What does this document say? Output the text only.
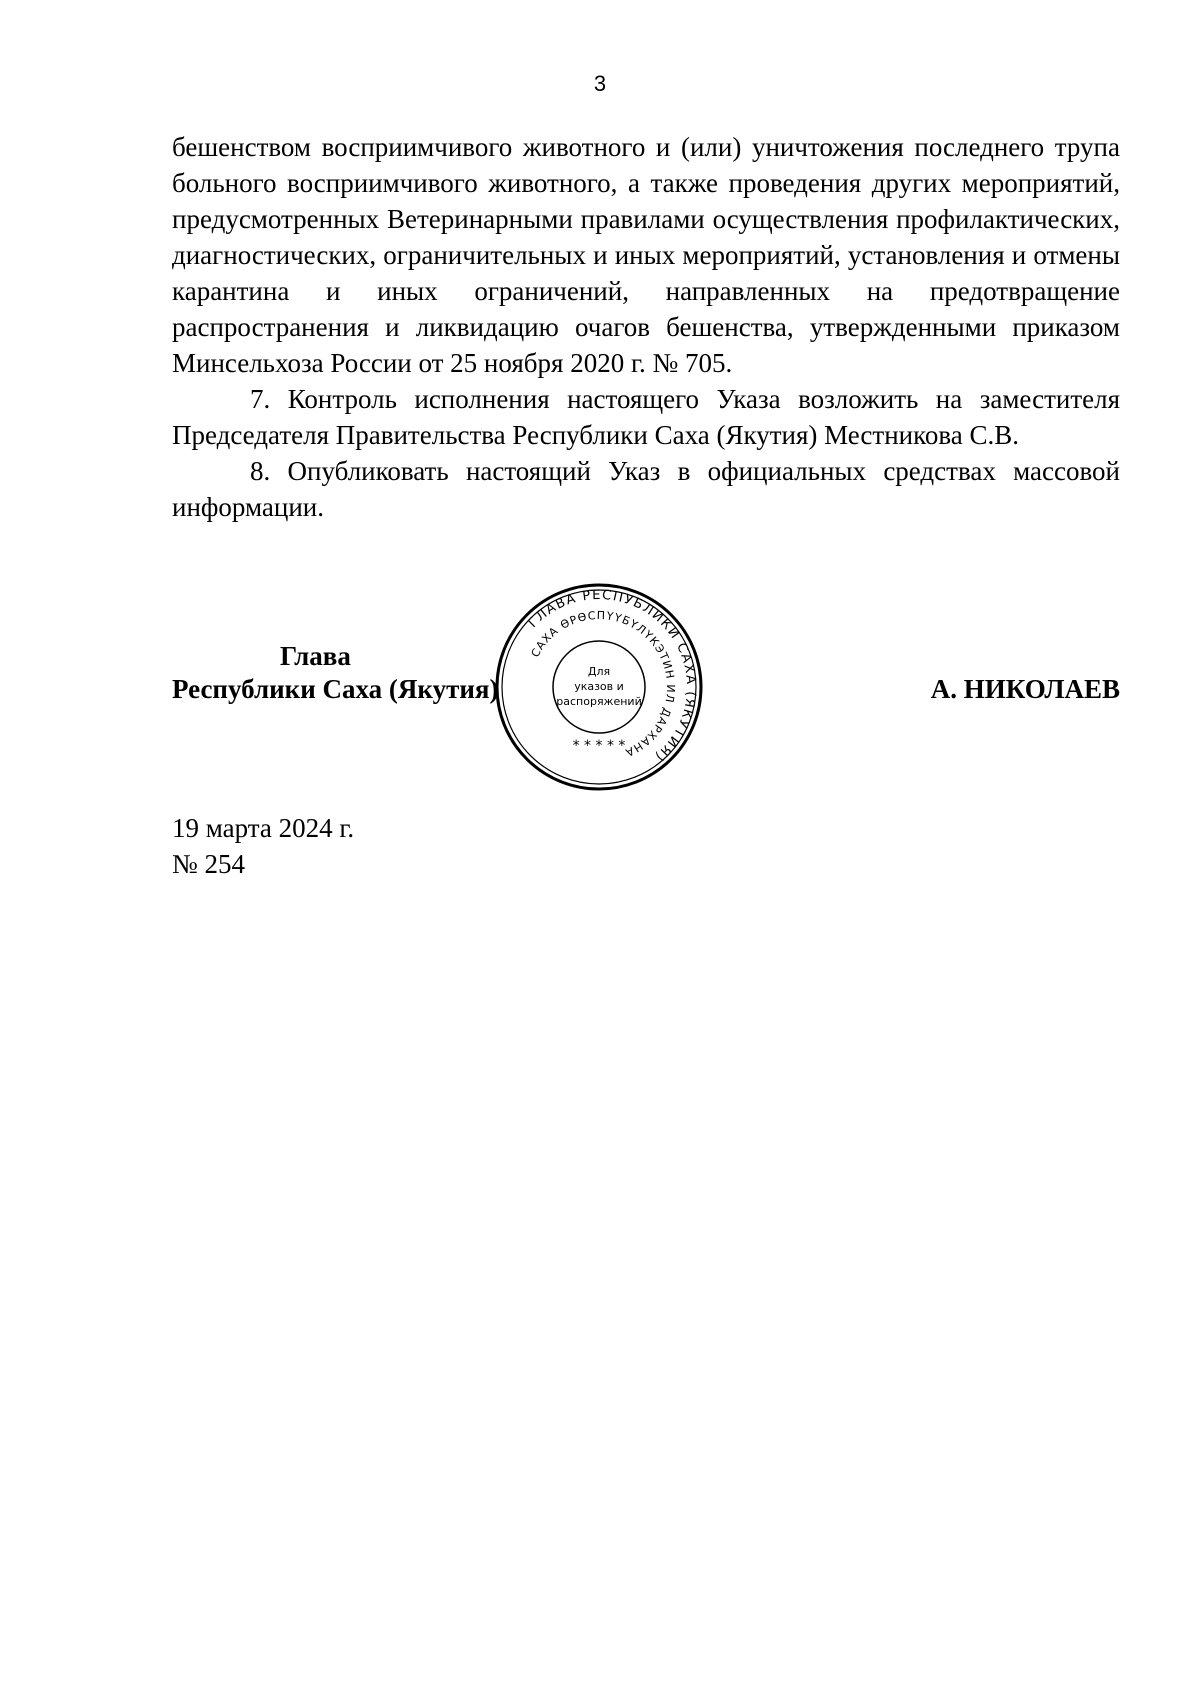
3

бешенством восприимчивого животного и (или) уничтожения последнего трупа больного восприимчивого животного, а также проведения других мероприятий, предусмотренных Ветеринарными правилами осуществления профилактических, диагностических, ограничительных и иных мероприятий, установления и отмены карантина и иных ограничений, направленных на предотвращение распространения и ликвидацию очагов бешенства, утвержденными приказом Минсельхоза России от 25 ноября 2020 г. № 705.

7. Контроль исполнения настоящего Указа возложить на заместителя Председателя Правительства Республики Саха (Якутия) Местникова С.В.

8. Опубликовать настоящий Указ в официальных средствах массовой информации.

Глава
Республики Саха (Якутия)
ГЛАВА РЕСПУБЛИКИ САХА (ЯКУТИЯ)
САХА ӨРӨСПҮҮБҮЛҮКЭТИН ИЛ ДАРХАНА
Для
указов и
распоряжений
* * * * *
А. НИКОЛАЕВ
19 марта 2024 г.
№ 254
